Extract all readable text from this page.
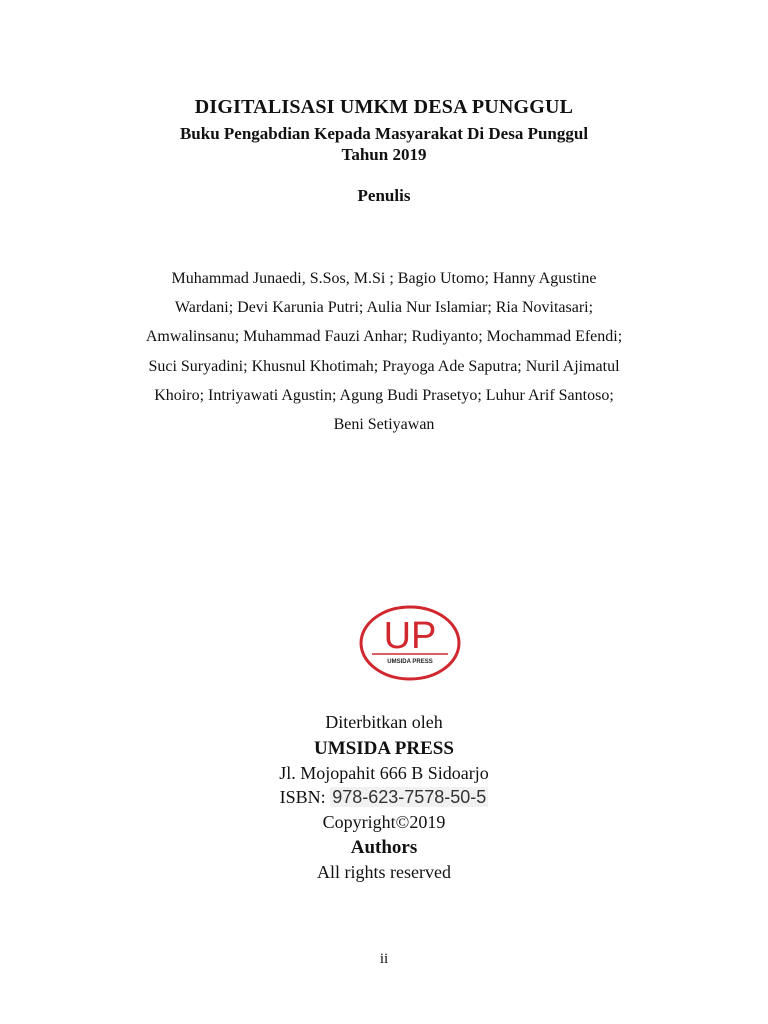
DIGITALISASI UMKM DESA PUNGGUL
Buku Pengabdian Kepada Masyarakat Di Desa Punggul
Tahun 2019
Penulis
Muhammad Junaedi, S.Sos, M.Si ; Bagio Utomo; Hanny Agustine
Wardani; Devi Karunia Putri; Aulia Nur Islamiar; Ria Novitasari;
Amwalinsanu; Muhammad Fauzi Anhar; Rudiyanto; Mochammad Efendi;
Suci Suryadini; Khusnul Khotimah; Prayoga Ade Saputra; Nuril Ajimatul
Khoiro; Intriyawati Agustin; Agung Budi Prasetyo; Luhur Arif Santoso;
Beni Setiyawan
UP
UMSIDA PRESS
Diterbitkan oleh
UMSIDA PRESS
Jl. Mojopahit 666 B Sidoarjo
ISBN: 978-623-7578-50-5
Copyright©2019
Authors
All rights reserved
ii
